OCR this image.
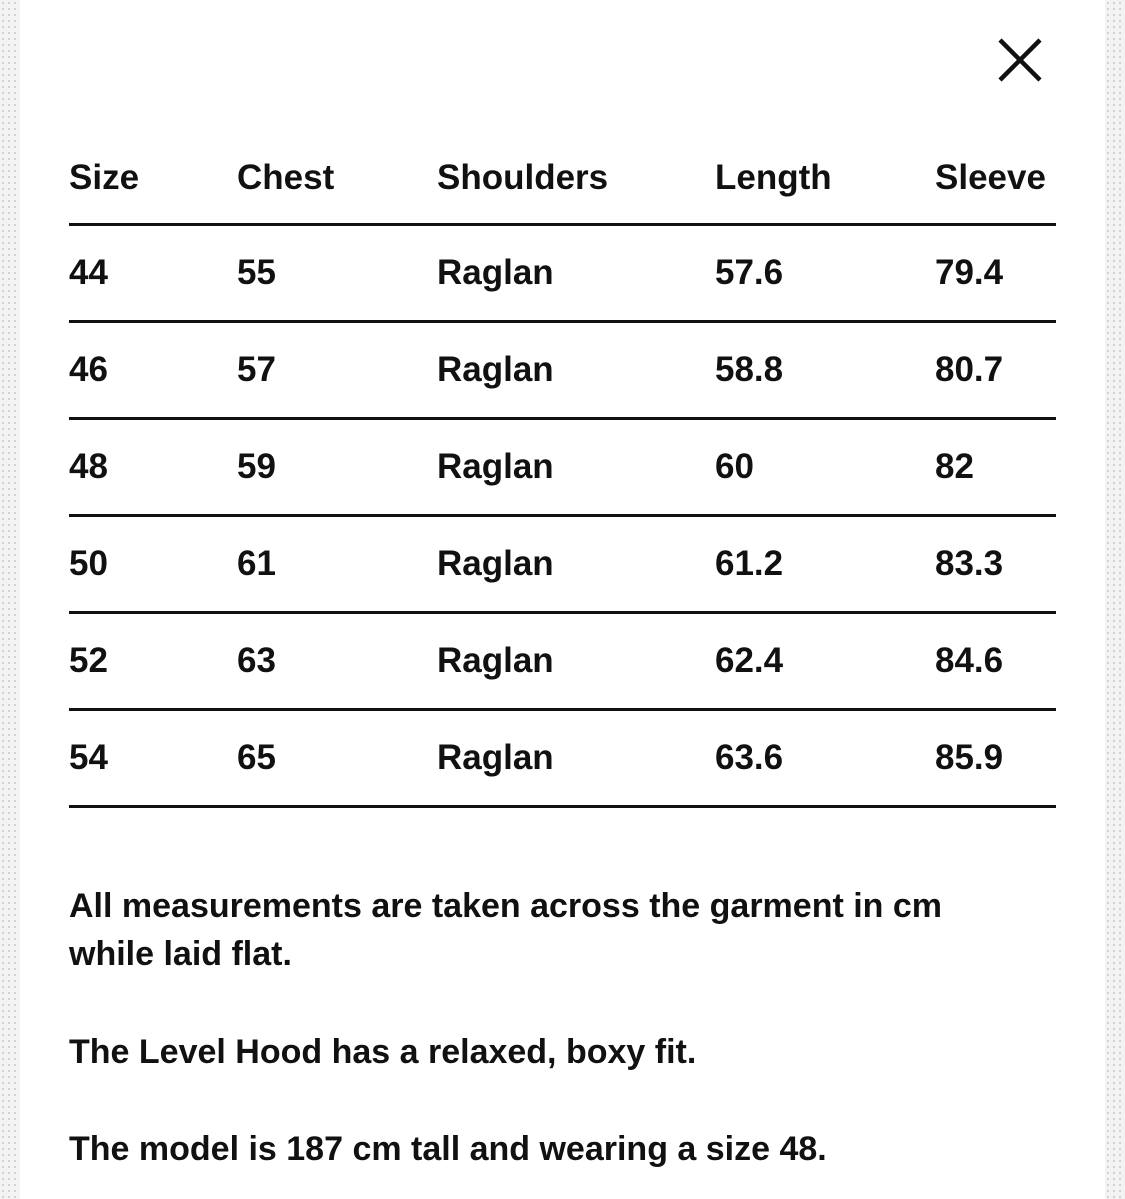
Size	Chest	Shoulders	Length	Sleeve
44	55	Raglan	57.6	79.4
46	57	Raglan	58.8	80.7
48	59	Raglan	60	82
50	61	Raglan	61.2	83.3
52	63	Raglan	62.4	84.6
54	65	Raglan	63.6	85.9

All measurements are taken across the garment in cm while laid flat.

The Level Hood has a relaxed, boxy fit.

The model is 187 cm tall and wearing a size 48.
